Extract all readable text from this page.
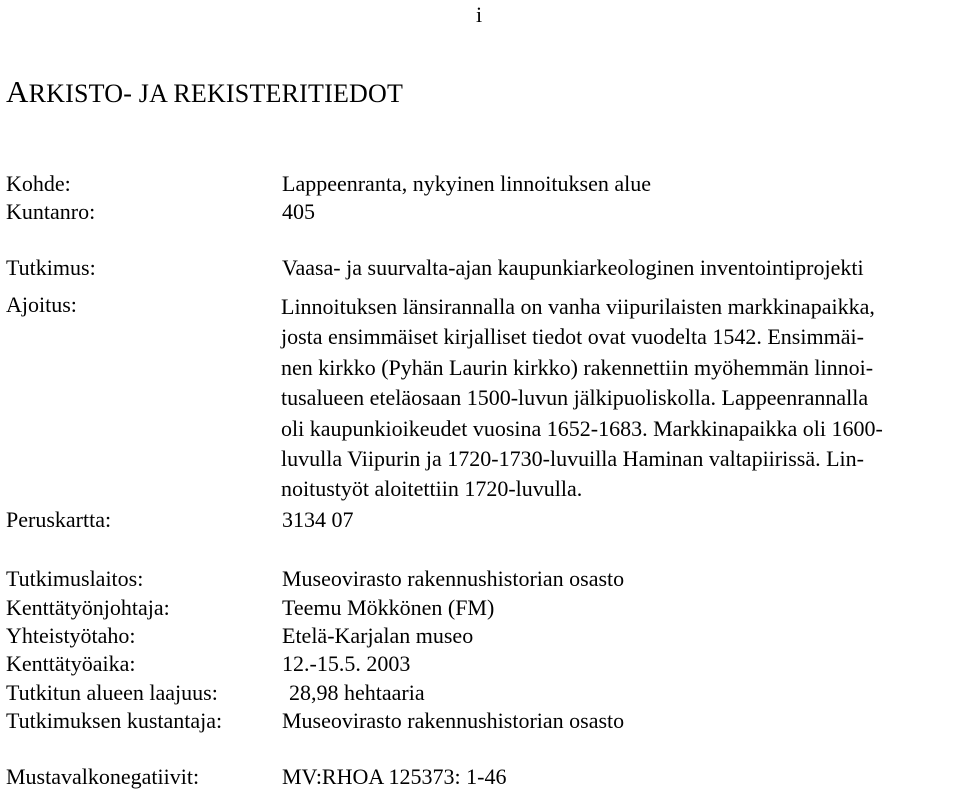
i
ARKISTO- JA REKISTERITIEDOT
Kohde:	Lappeenranta, nykyinen linnoituksen alue
Kuntanro:	405
Tutkimus:	Vaasa- ja suurvalta-ajan kaupunkiarkeologinen inventointiprojekti
Ajoitus:	Linnoituksen länsirannalla on vanha viipurilaisten markkinapaikka,
josta ensimmäiset kirjalliset tiedot ovat vuodelta 1542. Ensimmäi-
nen kirkko (Pyhän Laurin kirkko) rakennettiin myöhemmän linnoi-
tusalueen eteläosaan 1500-luvun jälkipuoliskolla. Lappeenrannalla
oli kaupunkioikeudet vuosina 1652-1683. Markkinapaikka oli 1600-
luvulla Viipurin ja 1720-1730-luvuilla Haminan valtapiirissä. Lin-
noitustyöt aloitettiin 1720-luvulla.
Peruskartta:	3134 07
Tutkimuslaitos:	Museovirasto rakennushistorian osasto
Kenttätyönjohtaja:	Teemu Mökkönen (FM)
Yhteistyötaho:	Etelä-Karjalan museo
Kenttätyöaika:	12.-15.5. 2003
Tutkitun alueen laajuus:	28,98 hehtaaria
Tutkimuksen kustantaja:	Museovirasto rakennushistorian osasto
Mustavalkonegatiivit:	MV:RHOA 125373: 1-46
